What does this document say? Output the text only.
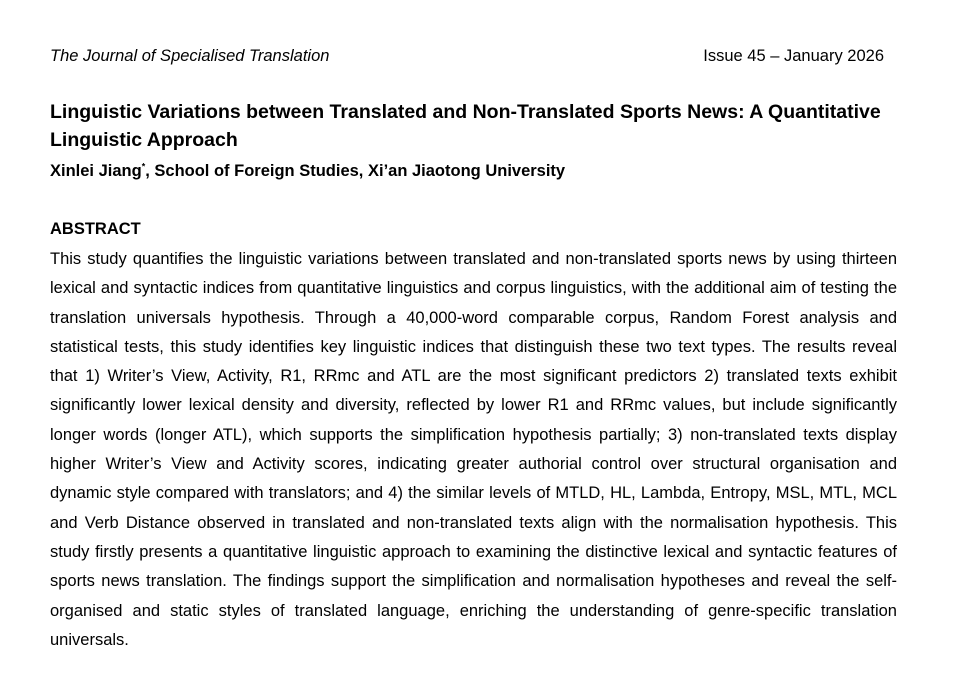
The Journal of Specialised Translation	Issue 45 – January 2026
Linguistic Variations between Translated and Non-Translated Sports News: A Quantitative Linguistic Approach
Xinlei Jiang*, School of Foreign Studies, Xi’an Jiaotong University
ABSTRACT

This study quantifies the linguistic variations between translated and non-translated sports news by using thirteen lexical and syntactic indices from quantitative linguistics and corpus linguistics, with the additional aim of testing the translation universals hypothesis. Through a 40,000-word comparable corpus, Random Forest analysis and statistical tests, this study identifies key linguistic indices that distinguish these two text types. The results reveal that 1) Writer’s View, Activity, R1, RRmc and ATL are the most significant predictors 2) translated texts exhibit significantly lower lexical density and diversity, reflected by lower R1 and RRmc values, but include significantly longer words (longer ATL), which supports the simplification hypothesis partially; 3) non-translated texts display higher Writer’s View and Activity scores, indicating greater authorial control over structural organisation and dynamic style compared with translators; and 4) the similar levels of MTLD, HL, Lambda, Entropy, MSL, MTL, MCL and Verb Distance observed in translated and non-translated texts align with the normalisation hypothesis. This study firstly presents a quantitative linguistic approach to examining the distinctive lexical and syntactic features of sports news translation. The findings support the simplification and normalisation hypotheses and reveal the self-organised and static styles of translated language, enriching the understanding of genre-specific translation universals.
